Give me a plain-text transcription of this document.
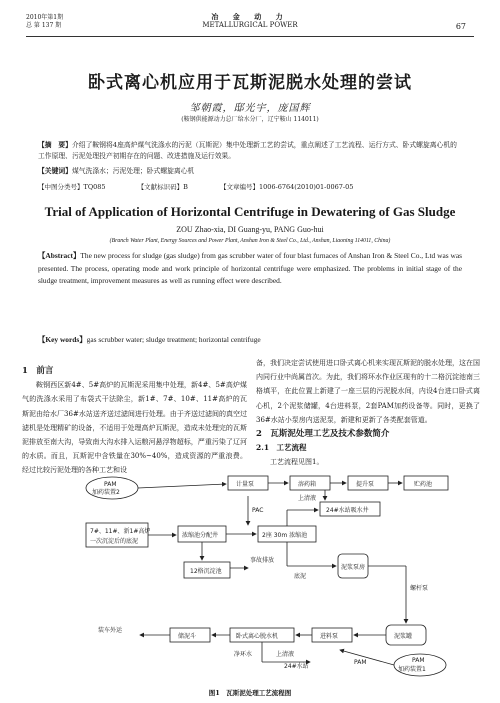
2010年第1期
总 第 137 期
冶 金 动 力
METALLURGICAL POWER	67
卧式离心机应用于瓦斯泥脱水处理的尝试
邹朝霞，邸光宇，庞国辉
(鞍钢供能源动力总厂给水分厂，辽宁鞍山 114011)
【摘　要】介绍了鞍钢将4座高炉煤气洗涤水的污泥（瓦斯泥）集中处理新工艺的尝试，重点阐述了工艺流程、运行方式、卧式螺旋离心机的工作原理、污泥处理投产初期存在的问题、改进措施及运行效果。
【关键词】煤气洗涤水；污泥处理；卧式螺旋离心机
【中图分类号】TQ085	【文献标识码】B	【文章编号】1006-6764(2010)01-0067-05
Trial of Application of Horizontal Centrifuge in Dewatering of Gas Sludge
ZOU Zhao-xia, DI Guang-yu, PANG Guo-hui
(Branch Water Plant, Energy Sources and Power Plant, Anshan Iron & Steel Co., Ltd., Anshan, Liaoning 114011, China)
【Abstract】The new process for sludge (gas sludge) from gas scrubber water of four blast furnaces of Anshan Iron & Steel Co., Ltd was was presented. The process, operating mode and work principle of horizontal centrifuge were emphasized. The problems in initial stage of the sludge treatment, improvement measures as well as running effect were described.
【Key words】gas scrubber water; sludge treatment; horizontal centrifuge
1　前言
鞍钢西区新4#、5#高炉的瓦斯泥采用集中处理，新4#、5#高炉煤气的洗涤水采用了布袋式干法除尘，新1#、7#、10#、11#高炉的瓦斯泥由给水厂36#水站送齐送过滤间进行处理。由于齐送过滤间的真空过滤机是处理精矿的设备，不适用于处理高炉瓦斯泥，造成未处理完的瓦斯泥排放至南大沟，导致南大沟水排入运粮河悬浮物超标，严重污染了辽河的水质。而且，瓦斯泥中含铁量在30%~40%，造成资源的严重浪费。经过比较污泥处理的各种工艺和设
备，我们决定尝试使用进口卧式离心机来实现瓦斯泥的脱水处理，这在国内同行业中尚属首次。为此，我们将环水作业区现有的十二格沉淀池南三格填平，在此位置上新建了一座三层的污泥脱水间，内设4台进口卧式离心机，2个泥浆储罐，4台进料泵，2套PAM加药设备等。同时，更换了36#水站小泵房内送泥泵，新建和更新了各类配套管道。
2　瓦斯泥处理工艺及技术参数简介
2.1　工艺流程
工艺流程见图1。
PAM
加药装置2
计量泵	溶药箱	提升泵	贮药池
上清液
PAC	24#水站吸水井
7#、11#、新1#高炉
一次沉淀后的底泥
浓缩池分配井	2座 30m 浓缩池
事故排放
12格沉淀池
底泥
泥浆泵房
螺杆泵
储泥斗	卧式离心脱水机	进料泵	泥浆罐
装车外运
净环水	上清液
24#水站
PAM	PAM
加药装置1
图1　瓦斯泥处理工艺流程图
